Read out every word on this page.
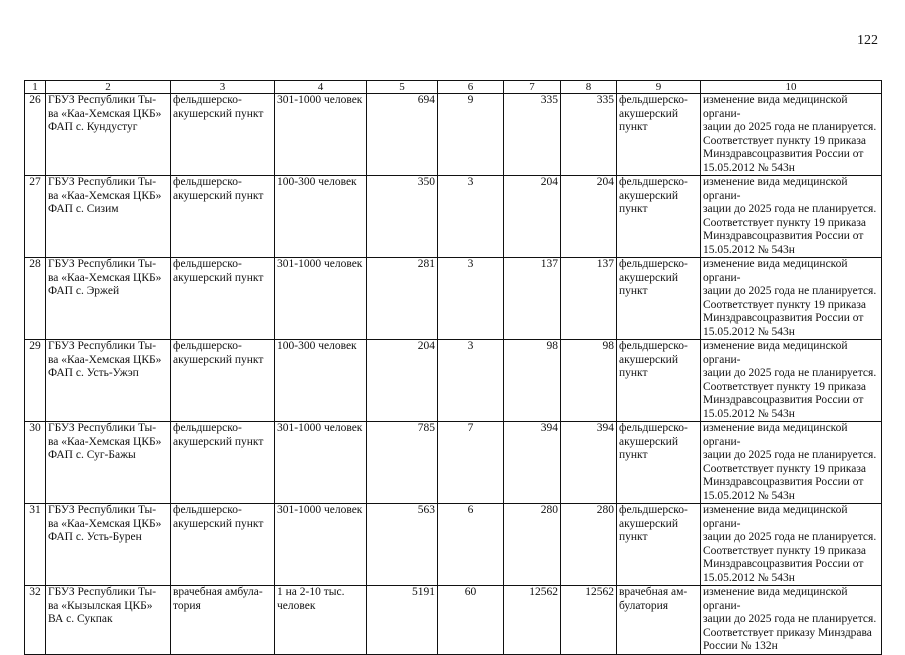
122
1	2	3	4	5	6	7	8	9	10
26	ГБУЗ Республики Ты-
ва «Каа-Хемская ЦКБ»
ФАП с. Кундустуг	фельдшерско-
акушерский пункт	301-1000 человек	694	9	335	335	фельдшерско-
акушерский
пункт	изменение вида медицинской органи-
зации до 2025 года не планируется.
Соответствует пункту 19 приказа
Минздравсоцразвития России от
15.05.2012 № 543н
27	ГБУЗ Республики Ты-
ва «Каа-Хемская ЦКБ»
ФАП с. Сизим	фельдшерско-
акушерский пункт	100-300 человек	350	3	204	204	фельдшерско-
акушерский
пункт	изменение вида медицинской органи-
зации до 2025 года не планируется.
Соответствует пункту 19 приказа
Минздравсоцразвития России от
15.05.2012 № 543н
28	ГБУЗ Республики Ты-
ва «Каа-Хемская ЦКБ»
ФАП с. Эржей	фельдшерско-
акушерский пункт	301-1000 человек	281	3	137	137	фельдшерско-
акушерский
пункт	изменение вида медицинской органи-
зации до 2025 года не планируется.
Соответствует пункту 19 приказа
Минздравсоцразвития России от
15.05.2012 № 543н
29	ГБУЗ Республики Ты-
ва «Каа-Хемская ЦКБ»
ФАП с. Усть-Ужэп	фельдшерско-
акушерский пункт	100-300 человек	204	3	98	98	фельдшерско-
акушерский
пункт	изменение вида медицинской органи-
зации до 2025 года не планируется.
Соответствует пункту 19 приказа
Минздравсоцразвития России от
15.05.2012 № 543н
30	ГБУЗ Республики Ты-
ва «Каа-Хемская ЦКБ»
ФАП с. Суг-Бажы	фельдшерско-
акушерский пункт	301-1000 человек	785	7	394	394	фельдшерско-
акушерский
пункт	изменение вида медицинской органи-
зации до 2025 года не планируется.
Соответствует пункту 19 приказа
Минздравсоцразвития России от
15.05.2012 № 543н
31	ГБУЗ Республики Ты-
ва «Каа-Хемская ЦКБ»
ФАП с. Усть-Бурен	фельдшерско-
акушерский пункт	301-1000 человек	563	6	280	280	фельдшерско-
акушерский
пункт	изменение вида медицинской органи-
зации до 2025 года не планируется.
Соответствует пункту 19 приказа
Минздравсоцразвития России от
15.05.2012 № 543н
32	ГБУЗ Республики Ты-
ва «Кызылская ЦКБ»
ВА с. Сукпак	врачебная амбула-
тория	1 на 2-10 тыс.
человек	5191	60	12562	12562	врачебная ам-
булатория	изменение вида медицинской органи-
зации до 2025 года не планируется.
Соответствует приказу Минздрава
России № 132н
